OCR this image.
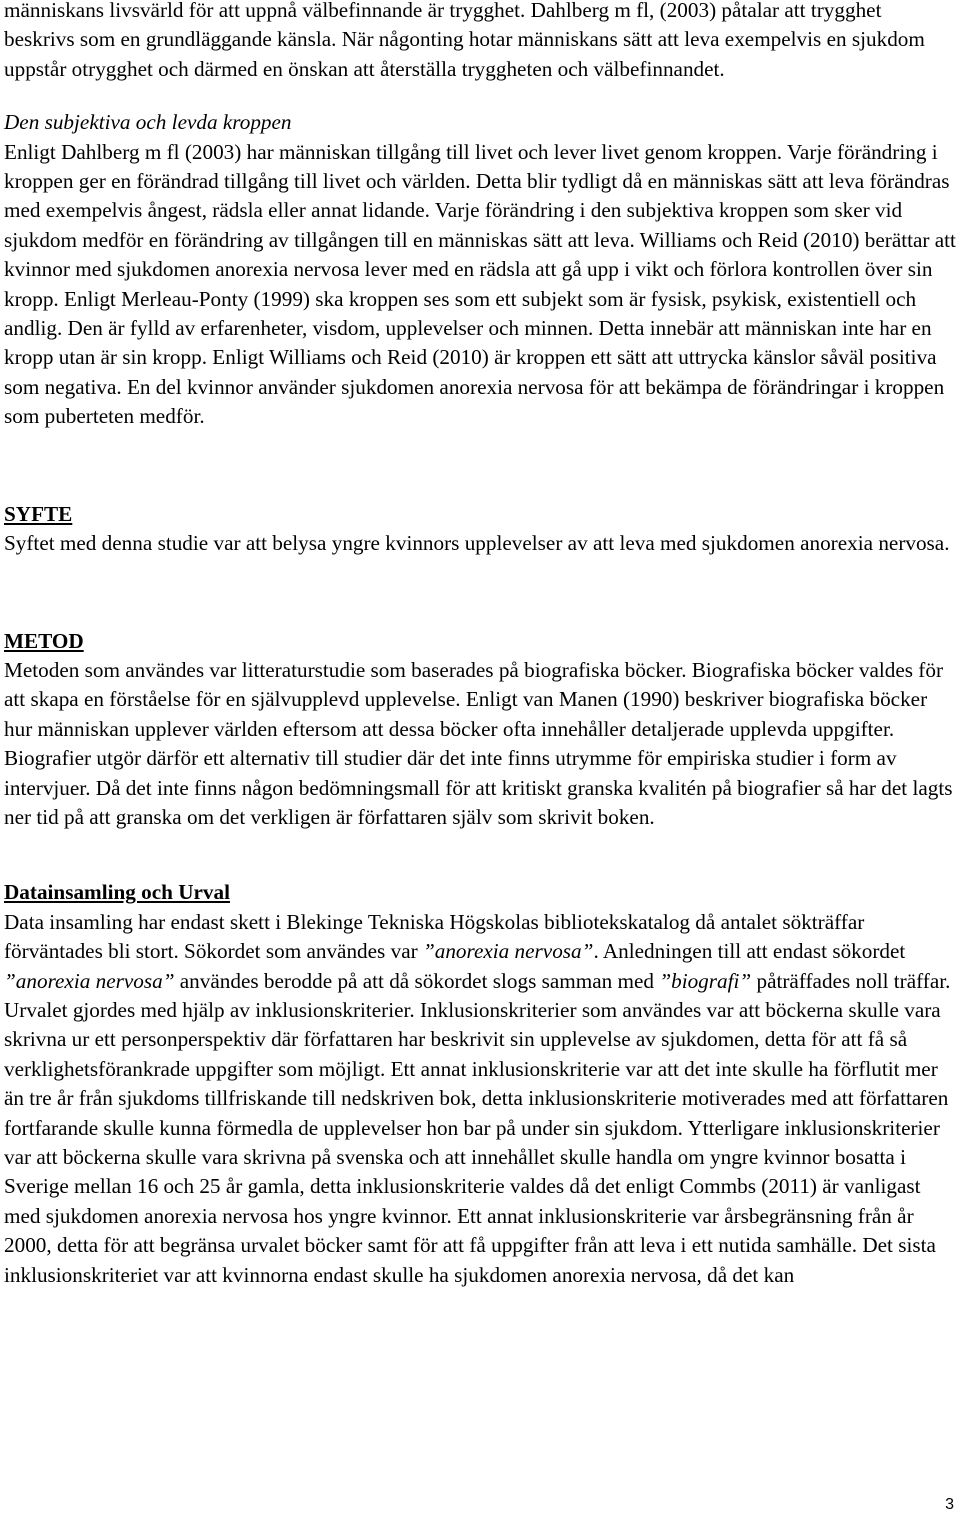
människans livsvärld för att uppnå välbefinnande är trygghet. Dahlberg m fl, (2003) påtalar att trygghet beskrivs som en grundläggande känsla. När någonting hotar människans sätt att leva exempelvis en sjukdom uppstår otrygghet och därmed en önskan att återställa tryggheten och välbefinnandet.

Den subjektiva och levda kroppen

Enligt Dahlberg m fl (2003) har människan tillgång till livet och lever livet genom kroppen. Varje förändring i kroppen ger en förändrad tillgång till livet och världen. Detta blir tydligt då en människas sätt att leva förändras med exempelvis ångest, rädsla eller annat lidande. Varje förändring i den subjektiva kroppen som sker vid sjukdom medför en förändring av tillgången till en människas sätt att leva. Williams och Reid (2010) berättar att kvinnor med sjukdomen anorexia nervosa lever med en rädsla att gå upp i vikt och förlora kontrollen över sin kropp. Enligt Merleau-Ponty (1999) ska kroppen ses som ett subjekt som är fysisk, psykisk, existentiell och andlig. Den är fylld av erfarenheter, visdom, upplevelser och minnen. Detta innebär att människan inte har en kropp utan är sin kropp. Enligt Williams och Reid (2010) är kroppen ett sätt att uttrycka känslor såväl positiva som negativa. En del kvinnor använder sjukdomen anorexia nervosa för att bekämpa de förändringar i kroppen som puberteten medför.

SYFTE

Syftet med denna studie var att belysa yngre kvinnors upplevelser av att leva med sjukdomen anorexia nervosa.

METOD

Metoden som användes var litteraturstudie som baserades på biografiska böcker. Biografiska böcker valdes för att skapa en förståelse för en självupplevd upplevelse. Enligt van Manen (1990) beskriver biografiska böcker hur människan upplever världen eftersom att dessa böcker ofta innehåller detaljerade upplevda uppgifter. Biografier utgör därför ett alternativ till studier där det inte finns utrymme för empiriska studier i form av intervjuer. Då det inte finns någon bedömningsmall för att kritiskt granska kvalitén på biografier så har det lagts ner tid på att granska om det verkligen är författaren själv som skrivit boken.

Datainsamling och Urval

Data insamling har endast skett i Blekinge Tekniska Högskolas bibliotekskatalog då antalet sökträffar förväntades bli stort. Sökordet som användes var ”anorexia nervosa”. Anledningen till att endast sökordet ”anorexia nervosa” användes berodde på att då sökordet slogs samman med ”biografi” påträffades noll träffar.

Urvalet gjordes med hjälp av inklusionskriterier. Inklusionskriterier som användes var att böckerna skulle vara skrivna ur ett personperspektiv där författaren har beskrivit sin upplevelse av sjukdomen, detta för att få så verklighetsförankrade uppgifter som möjligt. Ett annat inklusionskriterie var att det inte skulle ha förflutit mer än tre år från sjukdoms tillfriskande till nedskriven bok, detta inklusionskriterie motiverades med att författaren fortfarande skulle kunna förmedla de upplevelser hon bar på under sin sjukdom. Ytterligare inklusionskriterier var att böckerna skulle vara skrivna på svenska och att innehållet skulle handla om yngre kvinnor bosatta i Sverige mellan 16 och 25 år gamla, detta inklusionskriterie valdes då det enligt Commbs (2011) är vanligast med sjukdomen anorexia nervosa hos yngre kvinnor. Ett annat inklusionskriterie var årsbegränsning från år 2000, detta för att begränsa urvalet böcker samt för att få uppgifter från att leva i ett nutida samhälle. Det sista inklusionskriteriet var att kvinnorna endast skulle ha sjukdomen anorexia nervosa, då det kan

3
